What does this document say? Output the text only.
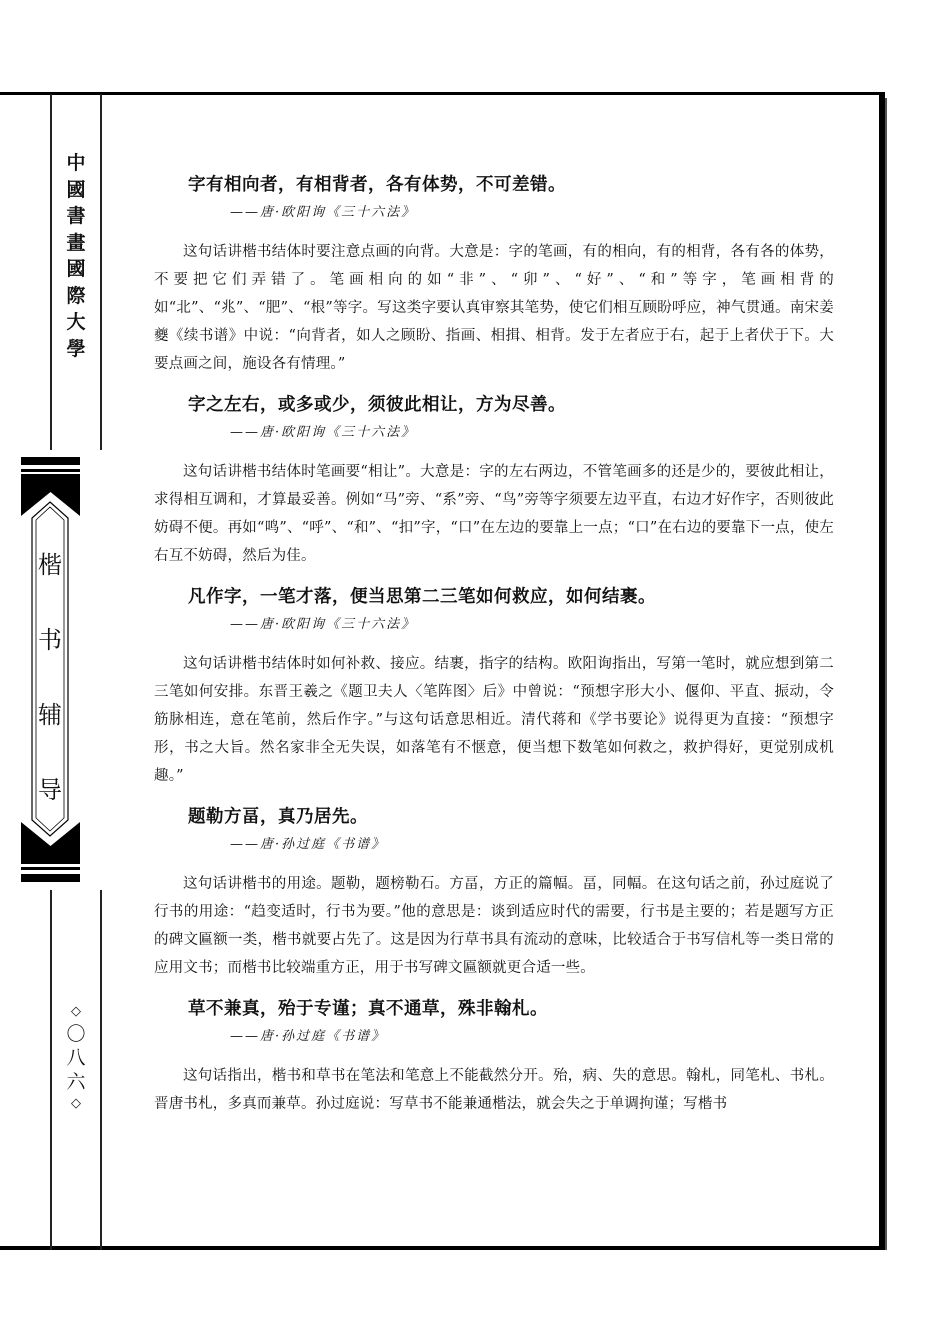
中
國
書
畫
國
際
大
學
楷
书
辅
导
◇
〇
八
六
◇
字有相向者，有相背者，各有体势，不可差错。
——唐·欧阳询《三十六法》

这句话讲楷书结体时要注意点画的向背。大意是：字的笔画，有的相向，有的相背，各有各的体势，不要把它们弄错了。笔画相向的如“非”、“卯”、“好”、“和”等字，笔画相背的如“北”、“兆”、“肥”、“根”等字。写这类字要认真审察其笔势，使它们相互顾盼呼应，神气贯通。南宋姜夔《续书谱》中说：“向背者，如人之顾盼、指画、相揖、相背。发于左者应于右，起于上者伏于下。大要点画之间，施设各有情理。”

字之左右，或多或少，须彼此相让，方为尽善。
——唐·欧阳询《三十六法》

这句话讲楷书结体时笔画要“相让”。大意是：字的左右两边，不管笔画多的还是少的，要彼此相让，求得相互调和，才算最妥善。例如“马”旁、“系”旁、“鸟”旁等字须要左边平直，右边才好作字，否则彼此妨碍不便。再如“鸣”、“呼”、“和”、“扣”字，“口”在左边的要靠上一点；“口”在右边的要靠下一点，使左右互不妨碍，然后为佳。

凡作字，一笔才落，便当思第二三笔如何救应，如何结裹。
——唐·欧阳询《三十六法》

这句话讲楷书结体时如何补救、接应。结裹，指字的结构。欧阳询指出，写第一笔时，就应想到第二三笔如何安排。东晋王羲之《题卫夫人〈笔阵图〉后》中曾说：“预想字形大小、偃仰、平直、振动，令筋脉相连，意在笔前，然后作字。”与这句话意思相近。清代蒋和《学书要论》说得更为直接：“预想字形，书之大旨。然名家非全无失误，如落笔有不惬意，便当想下数笔如何救之，救护得好，更觉别成机趣。”

题勒方畐，真乃居先。
——唐·孙过庭《书谱》

这句话讲楷书的用途。题勒，题榜勒石。方畐，方正的篇幅。畐，同幅。在这句话之前，孙过庭说了行书的用途：“趋变适时，行书为要。”他的意思是：谈到适应时代的需要，行书是主要的；若是题写方正的碑文匾额一类，楷书就要占先了。这是因为行草书具有流动的意味，比较适合于书写信札等一类日常的应用文书；而楷书比较端重方正，用于书写碑文匾额就更合适一些。

草不兼真，殆于专谨；真不通草，殊非翰札。
——唐·孙过庭《书谱》

这句话指出，楷书和草书在笔法和笔意上不能截然分开。殆，病、失的意思。翰札，同笔札、书札。晋唐书札，多真而兼草。孙过庭说：写草书不能兼通楷法，就会失之于单调拘谨；写楷书
